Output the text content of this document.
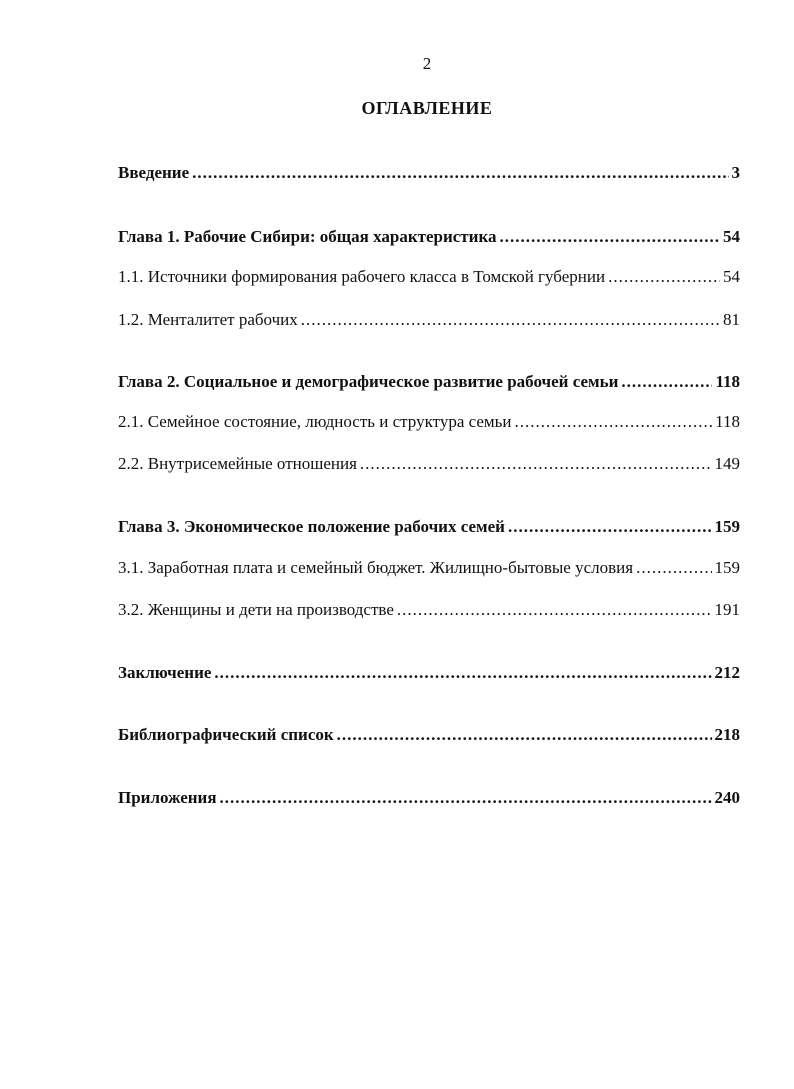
2
ОГЛАВЛЕНИЕ
Введение .....	3
Глава 1. Рабочие Сибири: общая характеристика .....	54
1.1. Источники формирования рабочего класса в Томской губернии .....	54
1.2. Менталитет рабочих .....	81
Глава 2. Социальное и демографическое развитие рабочей семьи .....	118
2.1. Семейное состояние, людность и структура семьи .....	118
2.2. Внутрисемейные отношения .....	149
Глава 3. Экономическое положение рабочих семей .....	159
3.1. Заработная плата и семейный бюджет. Жилищно-бытовые условия .....	159
3.2. Женщины и дети на производстве .....	191
Заключение .....	212
Библиографический список .....	218
Приложения .....	240
